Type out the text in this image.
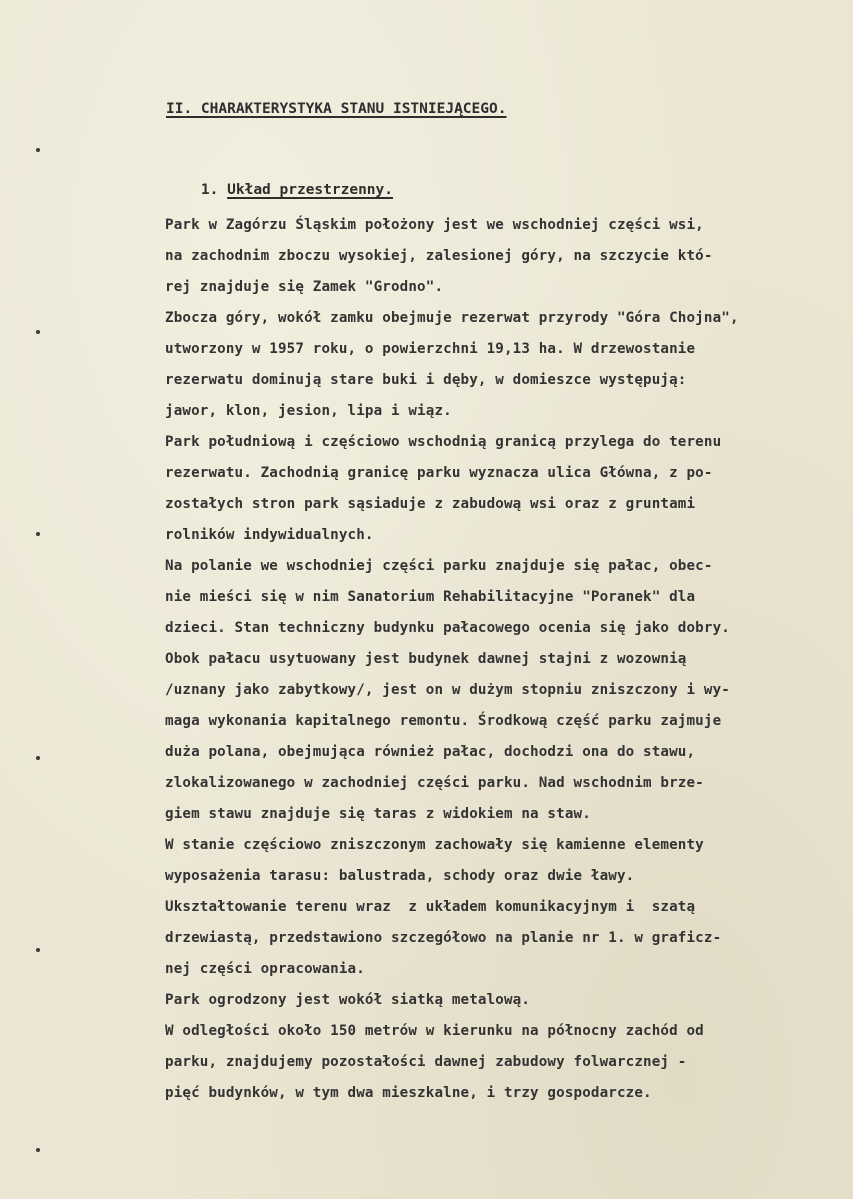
II. CHARAKTERYSTYKA STANU ISTNIEJĄCEGO.

1. Układ przestrzenny.

Park w Zagórzu Śląskim położony jest we wschodniej części wsi,
na zachodnim zboczu wysokiej, zalesionej góry, na szczycie któ-
rej znajduje się Zamek "Grodno".
Zbocza góry, wokół zamku obejmuje rezerwat przyrody "Góra Chojna",
utworzony w 1957 roku, o powierzchni 19,13 ha. W drzewostanie
rezerwatu dominują stare buki i dęby, w domieszce występują:
jawor, klon, jesion, lipa i wiąz.
Park południową i częściowo wschodnią granicą przylega do terenu
rezerwatu. Zachodnią granicę parku wyznacza ulica Główna, z po-
zostałych stron park sąsiaduje z zabudową wsi oraz z gruntami
rolników indywidualnych.
Na polanie we wschodniej części parku znajduje się pałac, obec-
nie mieści się w nim Sanatorium Rehabilitacyjne "Poranek" dla
dzieci. Stan techniczny budynku pałacowego ocenia się jako dobry.
Obok pałacu usytuowany jest budynek dawnej stajni z wozownią
/uznany jako zabytkowy/, jest on w dużym stopniu zniszczony i wy-
maga wykonania kapitalnego remontu. Środkową część parku zajmuje
duża polana, obejmująca również pałac, dochodzi ona do stawu,
zlokalizowanego w zachodniej części parku. Nad wschodnim brze-
giem stawu znajduje się taras z widokiem na staw.
W stanie częściowo zniszczonym zachowały się kamienne elementy
wyposażenia tarasu: balustrada, schody oraz dwie ławy.
Ukształtowanie terenu wraz  z układem komunikacyjnym i  szatą
drzewiastą, przedstawiono szczegółowo na planie nr 1. w graficz-
nej części opracowania.
Park ogrodzony jest wokół siatką metalową.
W odległości około 150 metrów w kierunku na północny zachód od
parku, znajdujemy pozostałości dawnej zabudowy folwarcznej -
pięć budynków, w tym dwa mieszkalne, i trzy gospodarcze.
